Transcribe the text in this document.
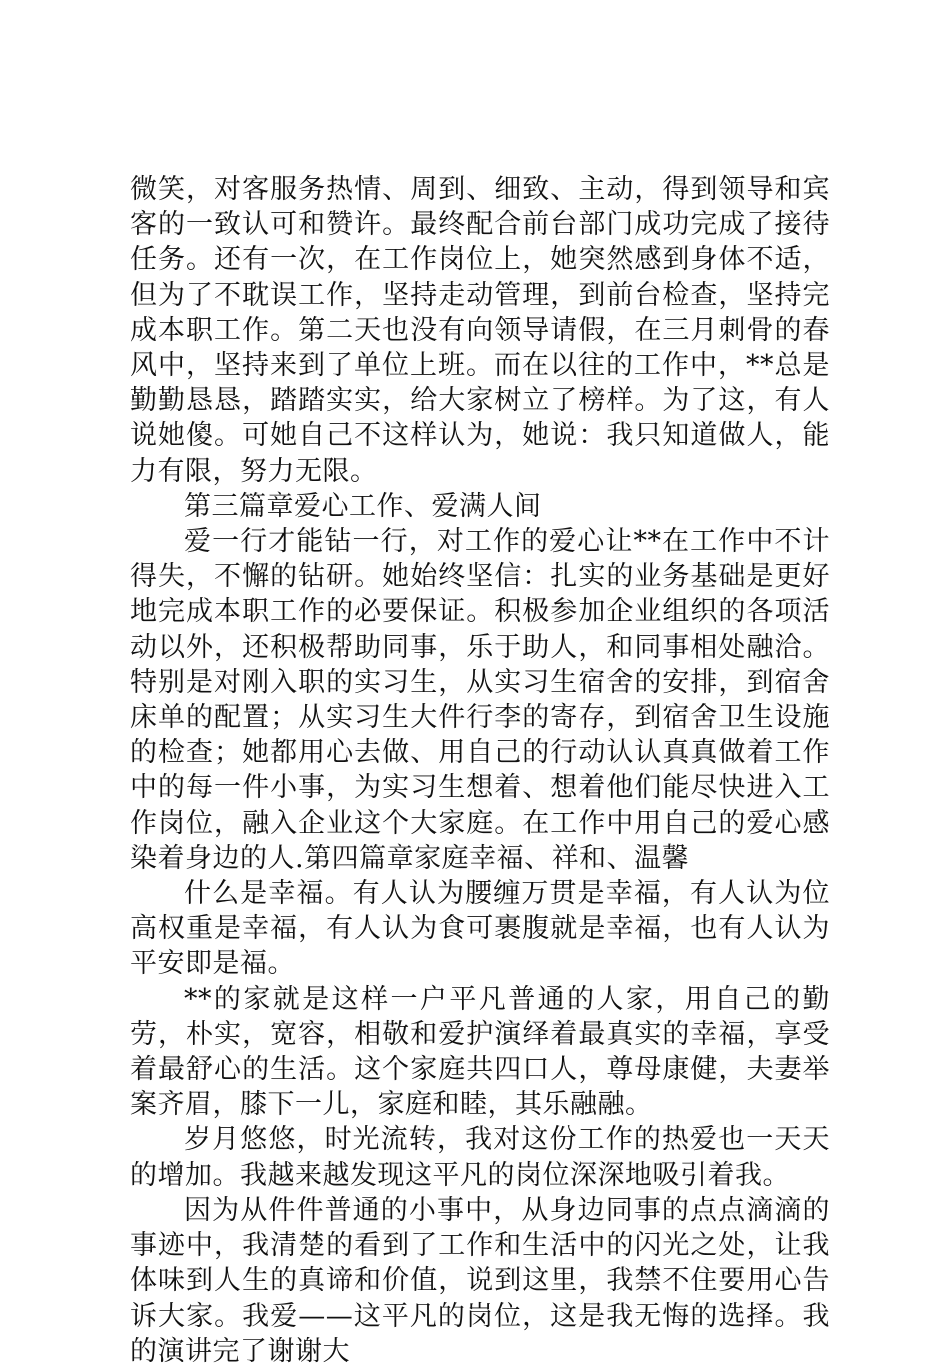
微笑，对客服务热情、周到、细致、主动，得到领导和宾客的一致认可和赞许。最终配合前台部门成功完成了接待任务。还有一次，在工作岗位上，她突然感到身体不适，但为了不耽误工作，坚持走动管理，到前台检查，坚持完成本职工作。第二天也没有向领导请假，在三月刺骨的春风中，坚持来到了单位上班。而在以往的工作中，**总是勤勤恳恳，踏踏实实，给大家树立了榜样。为了这，有人说她傻。可她自己不这样认为，她说：我只知道做人，能力有限，努力无限。

第三篇章爱心工作、爱满人间

爱一行才能钻一行，对工作的爱心让**在工作中不计得失，不懈的钻研。她始终坚信：扎实的业务基础是更好地完成本职工作的必要保证。积极参加企业组织的各项活动以外，还积极帮助同事，乐于助人，和同事相处融洽。特别是对刚入职的实习生，从实习生宿舍的安排，到宿舍床单的配置；从实习生大件行李的寄存，到宿舍卫生设施的检查；她都用心去做、用自己的行动认认真真做着工作中的每一件小事，为实习生想着、想着他们能尽快进入工作岗位，融入企业这个大家庭。在工作中用自己的爱心感染着身边的人.第四篇章家庭幸福、祥和、温馨

什么是幸福。有人认为腰缠万贯是幸福，有人认为位高权重是幸福，有人认为食可裹腹就是幸福，也有人认为平安即是福。

**的家就是这样一户平凡普通的人家，用自己的勤劳，朴实，宽容，相敬和爱护演绎着最真实的幸福，享受着最舒心的生活。这个家庭共四口人，尊母康健，夫妻举案齐眉，膝下一儿，家庭和睦，其乐融融。

岁月悠悠，时光流转，我对这份工作的热爱也一天天的增加。我越来越发现这平凡的岗位深深地吸引着我。

因为从件件普通的小事中，从身边同事的点点滴滴的事迹中，我清楚的看到了工作和生活中的闪光之处，让我体味到人生的真谛和价值，说到这里，我禁不住要用心告诉大家。我爱——这平凡的岗位，这是我无悔的选择。我的演讲完了谢谢大
